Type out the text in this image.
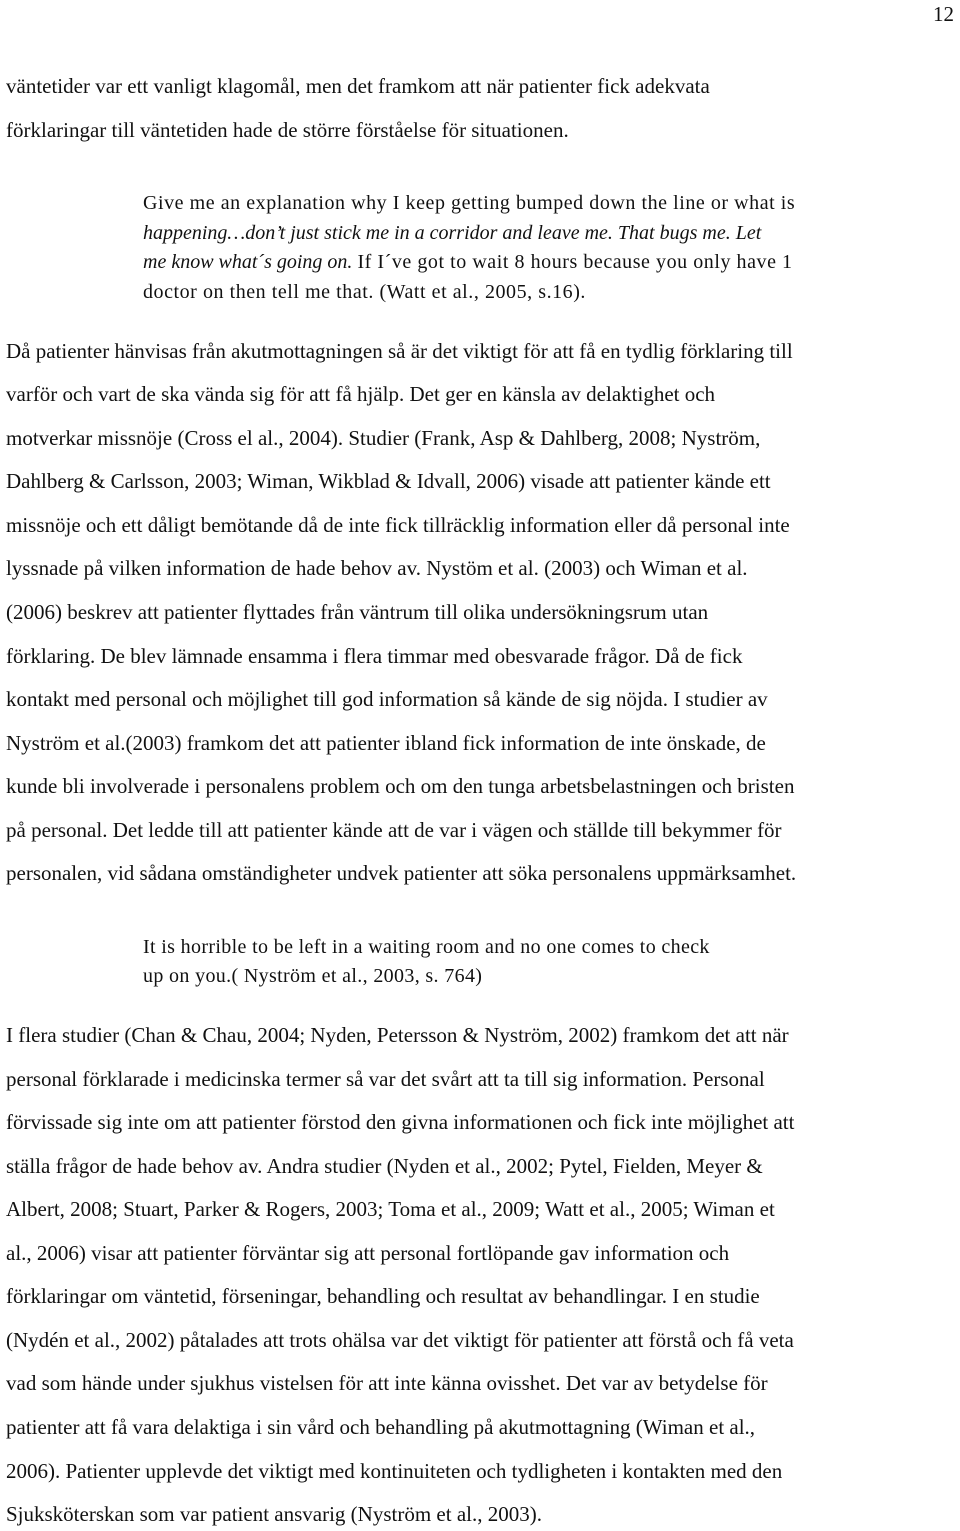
12
väntetider var ett vanligt klagomål, men det framkom att när patienter fick adekvata
förklaringar till väntetiden hade de större förståelse för situationen.
Give me an explanation why I keep getting bumped down the line or what is
happening…don’t just stick me in a corridor and leave me. That bugs me. Let
me know what´s going on. If I´ve got to wait 8 hours because you only have 1
doctor on then tell me that. (Watt et al., 2005, s.16).
Då patienter hänvisas från akutmottagningen så är det viktigt för att få en tydlig förklaring till
varför och vart de ska vända sig för att få hjälp. Det ger en känsla av delaktighet och
motverkar missnöje (Cross el al., 2004). Studier (Frank, Asp & Dahlberg, 2008; Nyström,
Dahlberg & Carlsson, 2003; Wiman, Wikblad & Idvall, 2006) visade att patienter kände ett
missnöje och ett dåligt bemötande då de inte fick tillräcklig information eller då personal inte
lyssnade på vilken information de hade behov av. Nystöm et al. (2003) och Wiman et al.
(2006) beskrev att patienter flyttades från väntrum till olika undersökningsrum utan
förklaring. De blev lämnade ensamma i flera timmar med obesvarade frågor. Då de fick
kontakt med personal och möjlighet till god information så kände de sig nöjda. I studier av
Nyström et al.(2003) framkom det att patienter ibland fick information de inte önskade, de
kunde bli involverade i personalens problem och om den tunga arbetsbelastningen och bristen
på personal. Det ledde till att patienter kände att de var i vägen och ställde till bekymmer för
personalen, vid sådana omständigheter undvek patienter att söka personalens uppmärksamhet.
It is horrible to be left in a waiting room and no one comes to check
up on you.( Nyström et al., 2003, s. 764)
I flera studier (Chan & Chau, 2004; Nyden, Petersson & Nyström, 2002) framkom det att när
personal förklarade i medicinska termer så var det svårt att ta till sig information. Personal
förvissade sig inte om att patienter förstod den givna informationen och fick inte möjlighet att
ställa frågor de hade behov av. Andra studier (Nyden et al., 2002; Pytel, Fielden, Meyer &
Albert, 2008; Stuart, Parker & Rogers, 2003; Toma et al., 2009; Watt et al., 2005; Wiman et
al., 2006) visar att patienter förväntar sig att personal fortlöpande gav information och
förklaringar om väntetid, förseningar, behandling och resultat av behandlingar. I en studie
(Nydén et al., 2002) påtalades att trots ohälsa var det viktigt för patienter att förstå och få veta
vad som hände under sjukhus vistelsen för att inte känna ovisshet. Det var av betydelse för
patienter att få vara delaktiga i sin vård och behandling på akutmottagning (Wiman et al.,
2006). Patienter upplevde det viktigt med kontinuiteten och tydligheten i kontakten med den
Sjuksköterskan som var patient ansvarig (Nyström et al., 2003).
